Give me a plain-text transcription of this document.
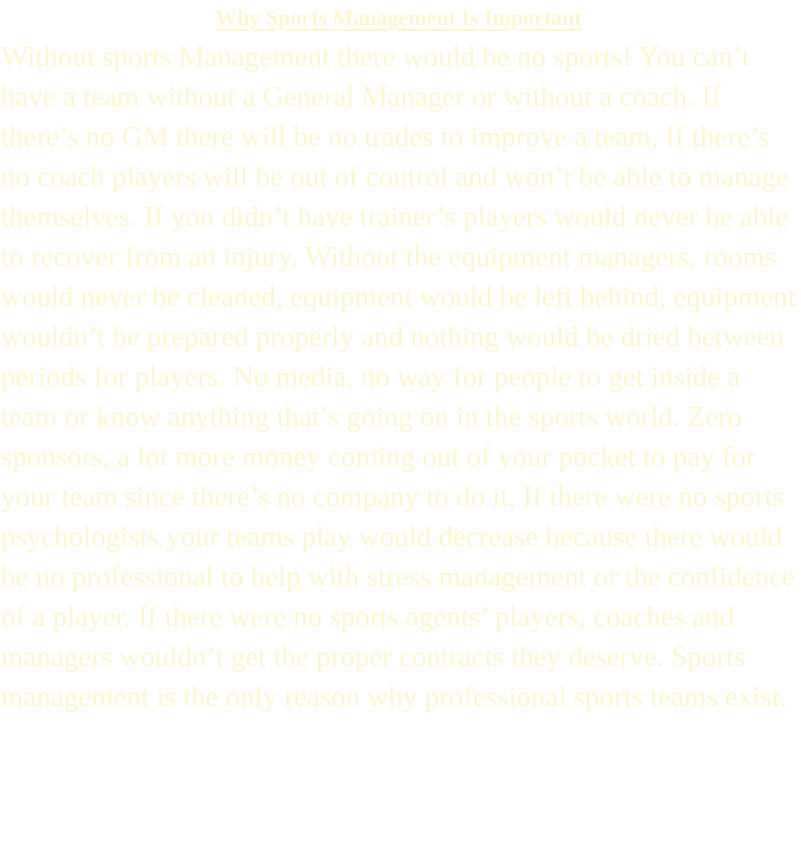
Why Sports Management Is Important

Without sports Management there would be no sports! You can’t have a team without a General Manager or without a coach. If there’s no GM there will be no trades to improve a team, If there’s no coach players will be out of control and won’t be able to manage themselves. If you didn’t have trainer’s players would never be able to recover from an injury. Without the equipment managers, rooms would never be cleaned, equipment would be left behind, equipment wouldn’t be prepared properly and nothing would be dried between periods for players. No media, no way for people to get inside a team or know anything that’s going on in the sports world. Zero sponsors, a lot more money coming out of your pocket to pay for your team since there’s no company to do it. If there were no sports psychologists your teams play would decrease because there would be no professional to help with stress management or the confidence of a player. If there were no sports agents’ players, coaches and managers wouldn’t get the proper contracts they deserve. Sports management is the only reason why professional sports teams exist.
